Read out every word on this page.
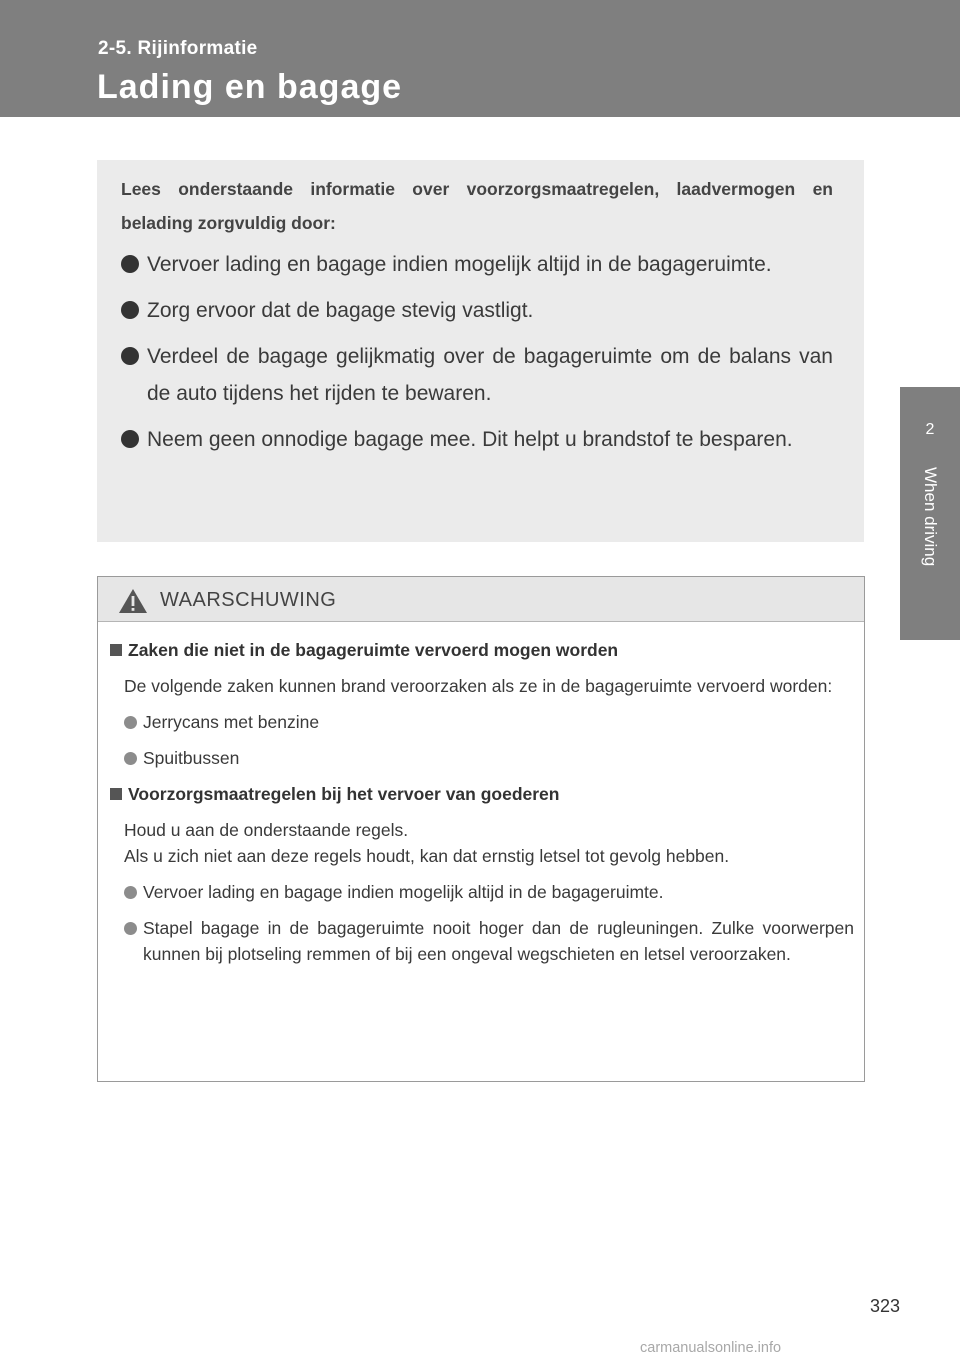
2-5. Rijinformatie
Lading en bagage
2
When driving
Lees onderstaande informatie over voorzorgsmaatregelen, laadvermogen en belading zorgvuldig door:
Vervoer lading en bagage indien mogelijk altijd in de bagageruimte.
Zorg ervoor dat de bagage stevig vastligt.
Verdeel de bagage gelijkmatig over de bagageruimte om de balans van de auto tijdens het rijden te bewaren.
Neem geen onnodige bagage mee. Dit helpt u brandstof te besparen.
WAARSCHUWING
Zaken die niet in de bagageruimte vervoerd mogen worden

De volgende zaken kunnen brand veroorzaken als ze in de bagageruimte vervoerd worden:

Jerrycans met benzine
Spuitbussen
Voorzorgsmaatregelen bij het vervoer van goederen

Houd u aan de onderstaande regels.
Als u zich niet aan deze regels houdt, kan dat ernstig letsel tot gevolg hebben.

Vervoer lading en bagage indien mogelijk altijd in de bagageruimte.
Stapel bagage in de bagageruimte nooit hoger dan de rugleuningen. Zulke voorwerpen kunnen bij plotseling remmen of bij een ongeval wegschieten en letsel veroorzaken.
323
carmanualsonline.info
